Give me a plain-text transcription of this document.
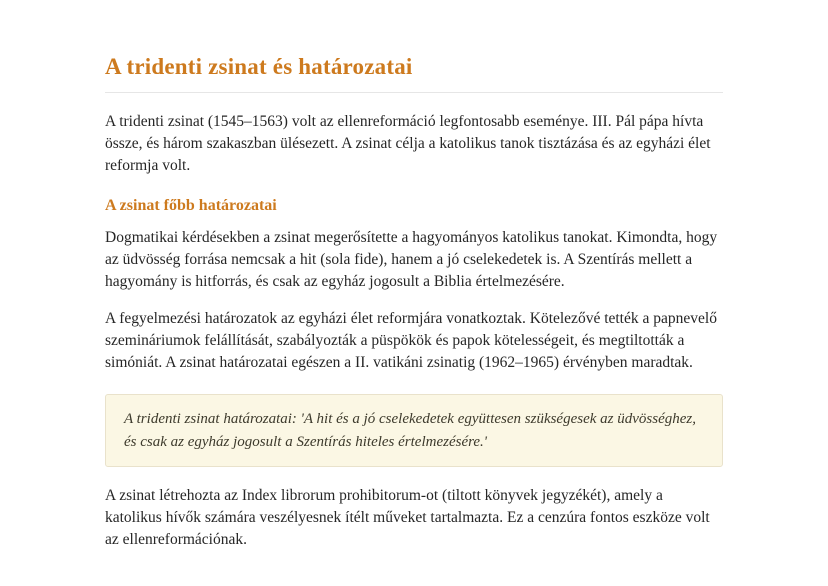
A tridenti zsinat és határozatai

A tridenti zsinat (1545–1563) volt az ellenreformáció legfontosabb eseménye. III. Pál pápa hívta össze, és három szakaszban ülésezett. A zsinat célja a katolikus tanok tisztázása és az egyházi élet reformja volt.

A zsinat főbb határozatai

Dogmatikai kérdésekben a zsinat megerősítette a hagyományos katolikus tanokat. Kimondta, hogy az üdvösség forrása nemcsak a hit (sola fide), hanem a jó cselekedetek is. A Szentírás mellett a hagyomány is hitforrás, és csak az egyház jogosult a Biblia értelmezésére.

A fegyelmezési határozatok az egyházi élet reformjára vonatkoztak. Kötelezővé tették a papnevelő szemináriumok felállítását, szabályozták a püspökök és papok kötelességeit, és megtiltották a simóniát. A zsinat határozatai egészen a II. vatikáni zsinatig (1962–1965) érvényben maradtak.

A tridenti zsinat határozatai: 'A hit és a jó cselekedetek együttesen szükségesek az üdvösséghez, és csak az egyház jogosult a Szentírás hiteles értelmezésére.'

A zsinat létrehozta az Index librorum prohibitorum-ot (tiltott könyvek jegyzékét), amely a katolikus hívők számára veszélyesnek ítélt műveket tartalmazta. Ez a cenzúra fontos eszköze volt az ellenreformációnak.
